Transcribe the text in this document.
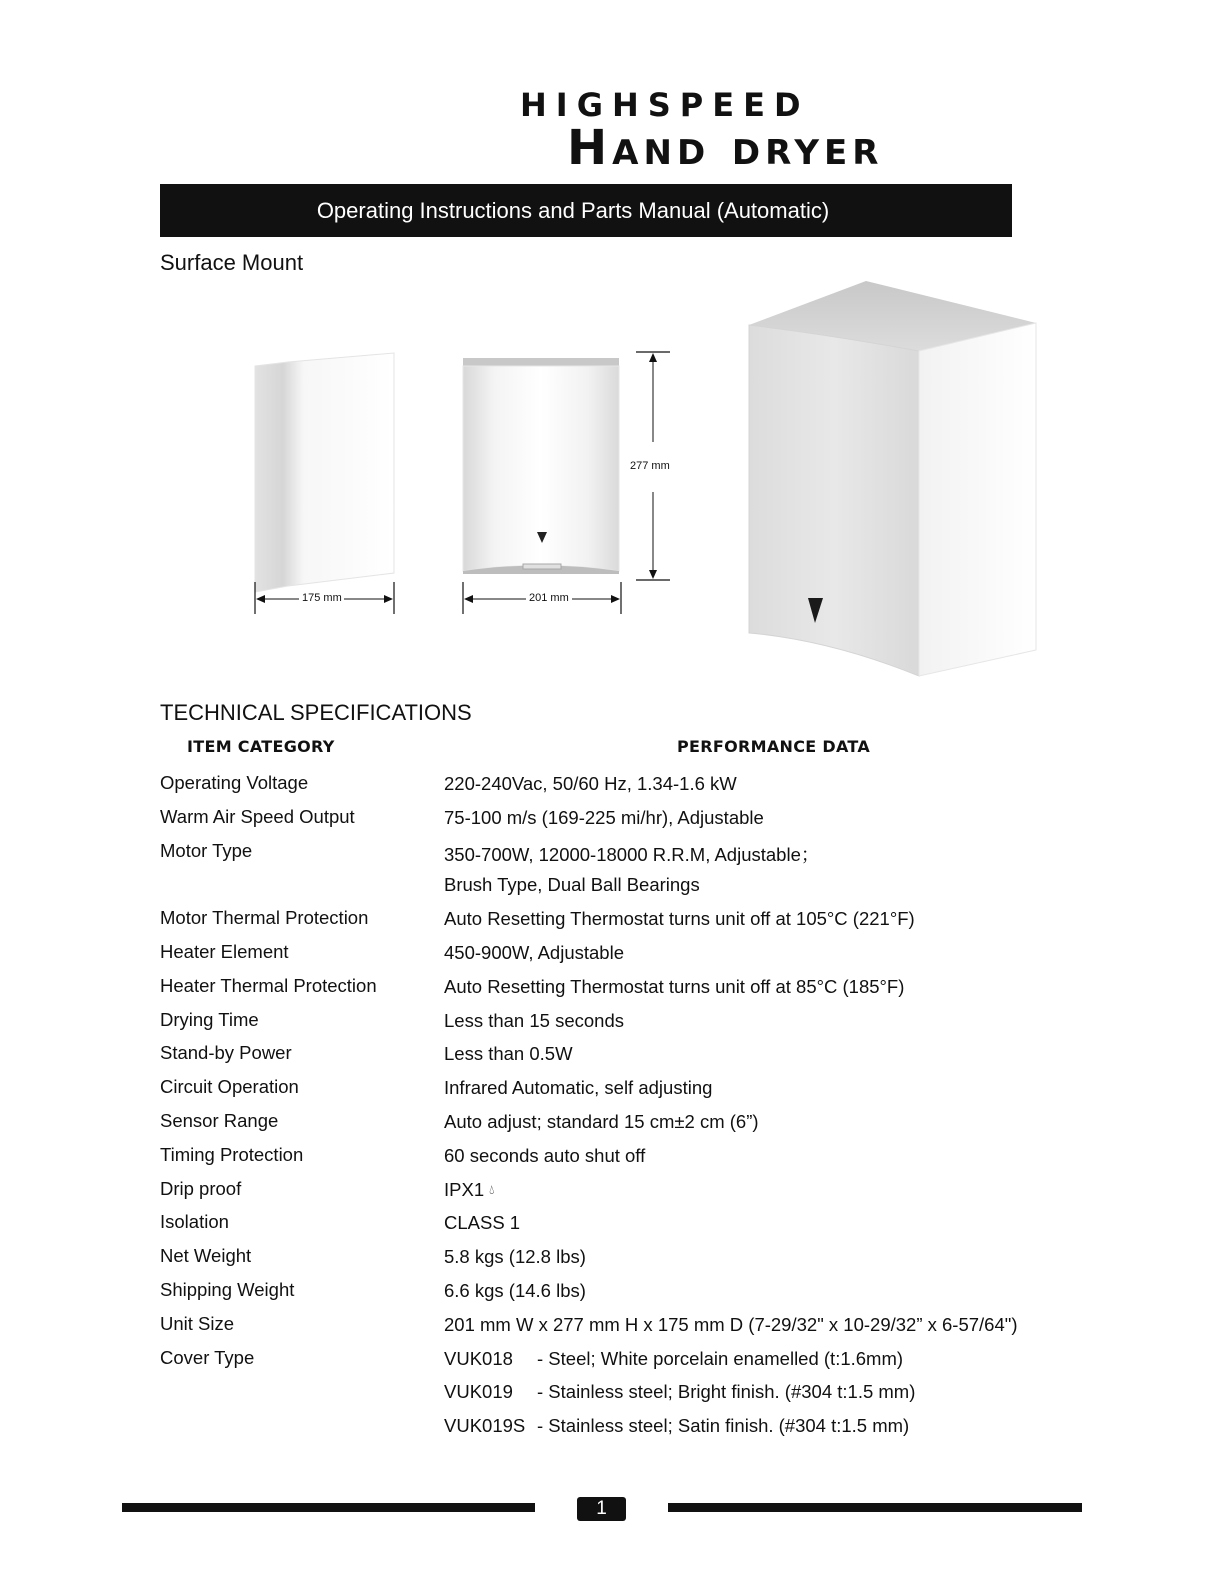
HIGHSPEED
Hand dryer
Operating Instructions and Parts Manual (Automatic)
Surface Mount
175 mm	201 mm
277 mm
TECHNICAL SPECIFICATIONS
ITEM CATEGORY	PERFORMANCE DATA
Operating Voltage	220-240Vac, 50/60 Hz, 1.34-1.6 kW
Warm Air Speed Output	75-100 m/s (169-225 mi/hr), Adjustable
Motor Type	350-700W, 12000-18000 R.R.M, Adjustable；
Brush Type, Dual Ball Bearings
Motor Thermal Protection	Auto Resetting Thermostat turns unit off at 105°C (221°F)
Heater Element	450-900W, Adjustable
Heater Thermal Protection	Auto Resetting Thermostat turns unit off at 85°C (185°F)
Drying Time	Less than 15 seconds
Stand-by Power	Less than 0.5W
Circuit Operation	Infrared Automatic, self adjusting
Sensor Range	Auto adjust; standard 15 cm±2 cm (6”)
Timing Protection	60 seconds auto shut off
Drip proof	IPX1 💧︎
Isolation	CLASS 1
Net Weight	5.8 kgs (12.8 lbs)
Shipping Weight	6.6 kgs (14.6 lbs)
Unit Size	201 mm W x 277 mm H x 175 mm D (7-29/32" x 10-29/32” x 6-57/64")
Cover Type	VUK018	- Steel; White porcelain enamelled (t:1.6mm)
VUK019	- Stainless steel; Bright finish. (#304 t:1.5 mm)
VUK019S - Stainless steel; Satin finish. (#304 t:1.5 mm)
1
